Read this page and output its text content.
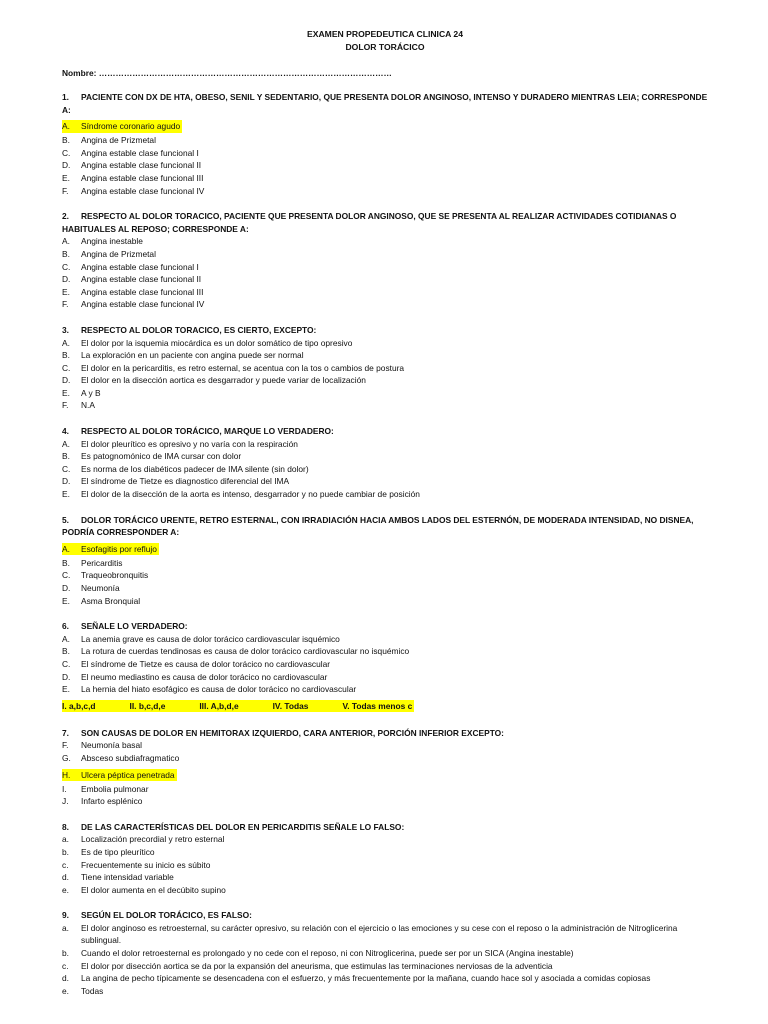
EXAMEN PROPEDEUTICA CLINICA 24
DOLOR TORÁCICO
Nombre: ……………………………………………………………………………………………
1. PACIENTE CON DX DE HTA, OBESO, SENIL Y SEDENTARIO, QUE PRESENTA DOLOR ANGINOSO, INTENSO Y DURADERO MIENTRAS LEIA; CORRESPONDE A:
A.	Síndrome coronario agudo
B.	Angina de Prizmetal
C.	Angina estable clase funcional I
D.	Angina estable clase funcional II
E.	Angina estable clase funcional III
F.	Angina estable clase funcional IV
2. RESPECTO AL DOLOR TORACICO, PACIENTE QUE PRESENTA DOLOR ANGINOSO, QUE SE PRESENTA AL REALIZAR ACTIVIDADES COTIDIANAS O HABITUALES AL REPOSO; CORRESPONDE A:
A.	Angina inestable
B.	Angina de Prizmetal
C.	Angina estable clase funcional I
D.	Angina estable clase funcional II
E.	Angina estable clase funcional III
F.	Angina estable clase funcional IV
3. RESPECTO AL DOLOR TORACICO, ES CIERTO, EXCEPTO:
A.	El dolor por la isquemia miocárdica es un dolor somático de tipo opresivo
B.	La exploración en un paciente con angina puede ser normal
C.	El dolor en la pericarditis, es retro esternal, se acentua con la tos o cambios de postura
D.	El dolor en la disección aortica es desgarrador y puede variar de localización
E.	A y B
F.	N.A
4. RESPECTO AL DOLOR TORÁCICO, MARQUE LO VERDADERO:
A.	El dolor pleurítico es opresivo y no varía con la respiración
B.	Es patognomónico de IMA cursar con dolor
C.	Es norma de los diabéticos padecer de IMA silente (sin dolor)
D.	El síndrome de Tietze es diagnostico diferencial del IMA
E.	El dolor de la disección de la aorta es intenso, desgarrador y no puede cambiar de posición
5. DOLOR TORÁCICO URENTE, RETRO ESTERNAL, CON IRRADIACIÓN HACIA AMBOS LADOS DEL ESTERNÓN, DE MODERADA INTENSIDAD, NO DISNEA, PODRÍA CORRESPONDER A:
A.	Esofagitis por reflujo
B.	Pericarditis
C.	Traqueobronquitis
D.	Neumonía
E.	Asma Bronquial
6. SEÑALE LO VERDADERO:
A.	La anemia grave es causa de dolor torácico cardiovascular isquémico
B.	La rotura de cuerdas tendinosas es causa de dolor torácico cardiovascular no isquémico
C.	El síndrome de Tietze es causa de dolor torácico no cardiovascular
D.	El neumo mediastino es causa de dolor torácico no cardiovascular
E.	La hernia del hiato esofágico es causa de dolor torácico no cardiovascular
I. a,b,c,d	II. b,c,d,e	III. A,b,d,e	IV. Todas	V. Todas menos c
7. SON CAUSAS DE DOLOR EN HEMITORAX IZQUIERDO, CARA ANTERIOR, PORCIÓN INFERIOR EXCEPTO:
F.	Neumonía basal
G.	Absceso subdiafragmatico
H.	Ulcera péptica penetrada
I.	Embolia pulmonar
J.	Infarto esplénico
8. DE LAS CARACTERÍSTICAS DEL DOLOR EN PERICARDITIS SEÑALE LO FALSO:
a.	Localización precordial y retro esternal
b.	Es de tipo pleurítico
c.	Frecuentemente su inicio es súbito
d.	Tiene intensidad variable
e.	El dolor aumenta en el decúbito supino
9. SEGÚN EL DOLOR TORÁCICO, ES FALSO:
a.	El dolor anginoso es retroesternal, su carácter opresivo, su relación con el ejercicio o las emociones y su cese con el reposo o la administración de Nitroglicerina sublingual.
b.	Cuando el dolor retroesternal es prolongado y no cede con el reposo, ni con Nitroglicerina, puede ser por un SICA (Angina inestable)
c.	El dolor por disección aortica se da por la expansión del aneurisma, que estimulas las terminaciones nerviosas de la adventicia
d.	La angina de pecho típicamente se desencadena con el esfuerzo, y más frecuentemente por la mañana, cuando hace sol y asociada a comidas copiosas
e.	Todas
